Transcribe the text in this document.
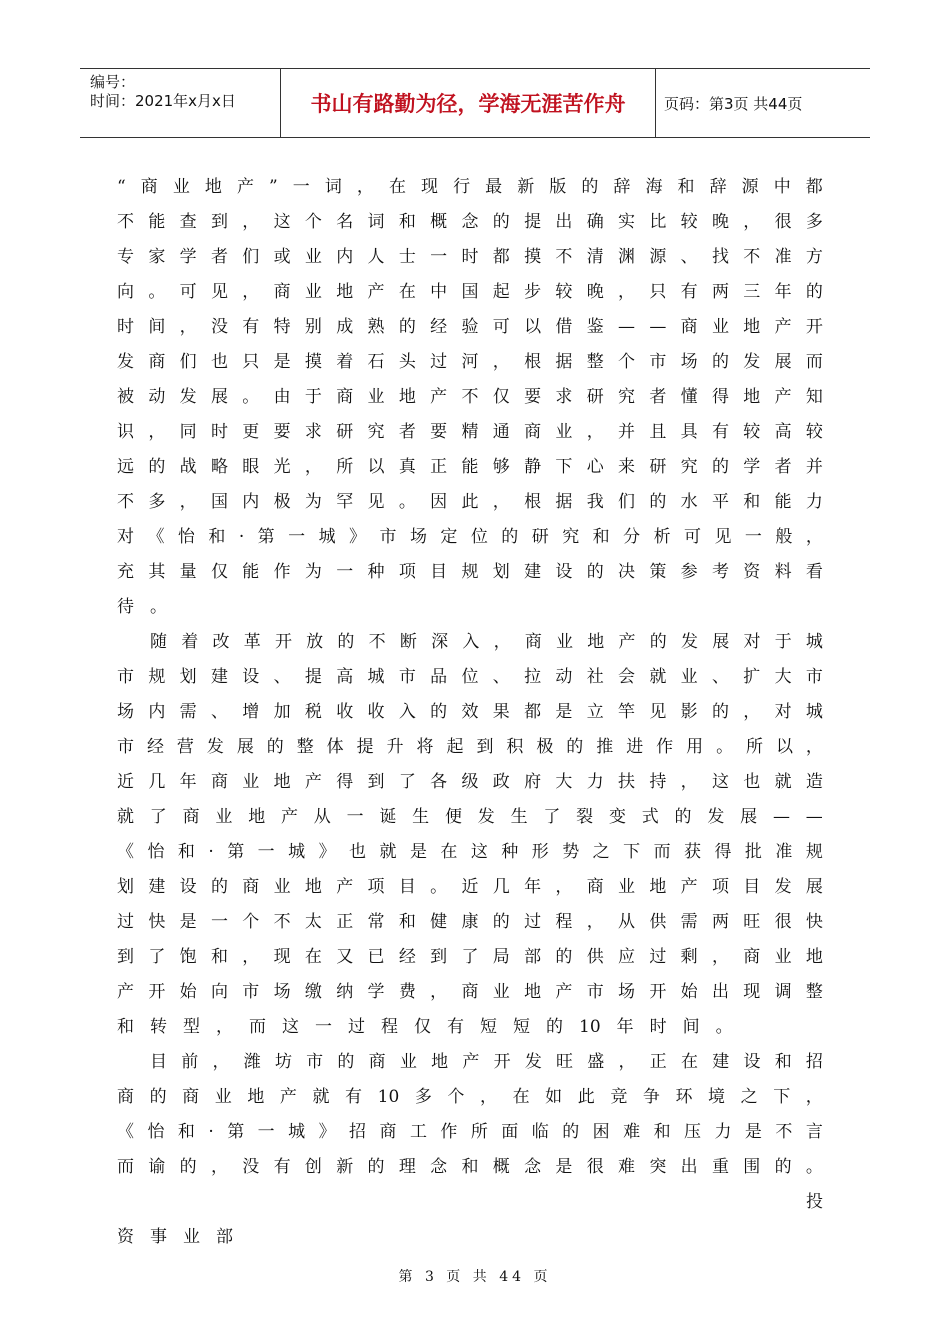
编号：
时间：2021年x月x日	书山有路勤为径，学海无涯苦作舟	页码：第3页 共44页
“ 商 业 地 产 ” 一 词 ， 在 现 行 最 新 版 的 辞 海 和 辞 源 中 都
不 能 查 到 ， 这 个 名 词 和 概 念 的 提 出 确 实 比 较 晚 ， 很 多
专 家 学 者 们 或 业 内 人 士 一 时 都 摸 不 清 渊 源 、 找 不 准 方
向 。 可 见 ， 商 业 地 产 在 中 国 起 步 较 晚 ， 只 有 两 三 年 的
时 间 ， 没 有 特 别 成 熟 的 经 验 可 以 借 鉴 — — 商 业 地 产 开
发 商 们 也 只 是 摸 着 石 头 过 河 ， 根 据 整 个 市 场 的 发 展 而
被 动 发 展 。 由 于 商 业 地 产 不 仅 要 求 研 究 者 懂 得 地 产 知
识 ， 同 时 更 要 求 研 究 者 要 精 通 商 业 ， 并 且 具 有 较 高 较
远 的 战 略 眼 光 ， 所 以 真 正 能 够 静 下 心 来 研 究 的 学 者 并
不 多 ， 国 内 极 为 罕 见 。 因 此 ， 根 据 我 们 的 水 平 和 能 力
对 《 怡 和 · 第 一 城 》 市 场 定 位 的 研 究 和 分 析 可 见 一 般 ，
充 其 量 仅 能 作 为 一 种 项 目 规 划 建 设 的 决 策 参 考 资 料 看
待 。
随 着 改 革 开 放 的 不 断 深 入 ， 商 业 地 产 的 发 展 对 于 城
市 规 划 建 设 、 提 高 城 市 品 位 、 拉 动 社 会 就 业 、 扩 大 市
场 内 需 、 增 加 税 收 收 入 的 效 果 都 是 立 竿 见 影 的 ， 对 城
市 经 营 发 展 的 整 体 提 升 将 起 到 积 极 的 推 进 作 用 。 所 以 ，
近 几 年 商 业 地 产 得 到 了 各 级 政 府 大 力 扶 持 ， 这 也 就 造
就 了 商 业 地 产 从 一 诞 生 便 发 生 了 裂 变 式 的 发 展 — —
《 怡 和 · 第 一 城 》 也 就 是 在 这 种 形 势 之 下 而 获 得 批 准 规
划 建 设 的 商 业 地 产 项 目 。 近 几 年 ， 商 业 地 产 项 目 发 展
过 快 是 一 个 不 太 正 常 和 健 康 的 过 程 ， 从 供 需 两 旺 很 快
到 了 饱 和 ， 现 在 又 已 经 到 了 局 部 的 供 应 过 剩 ， 商 业 地
产 开 始 向 市 场 缴 纳 学 费 ， 商 业 地 产 市 场 开 始 出 现 调 整
和 转 型 ， 而 这 一 过 程 仅 有 短 短 的 10 年 时 间 。
目 前 ， 潍 坊 市 的 商 业 地 产 开 发 旺 盛 ， 正 在 建 设 和 招
商 的 商 业 地 产 就 有 10 多 个 ， 在 如 此 竞 争 环 境 之 下 ，
《 怡 和 · 第 一 城 》 招 商 工 作 所 面 临 的 困 难 和 压 力 是 不 言
而 谕 的 ， 没 有 创 新 的 理 念 和 概 念 是 很 难 突 出 重 围 的 。
投
资 事 业 部
第 3 页 共 44 页
